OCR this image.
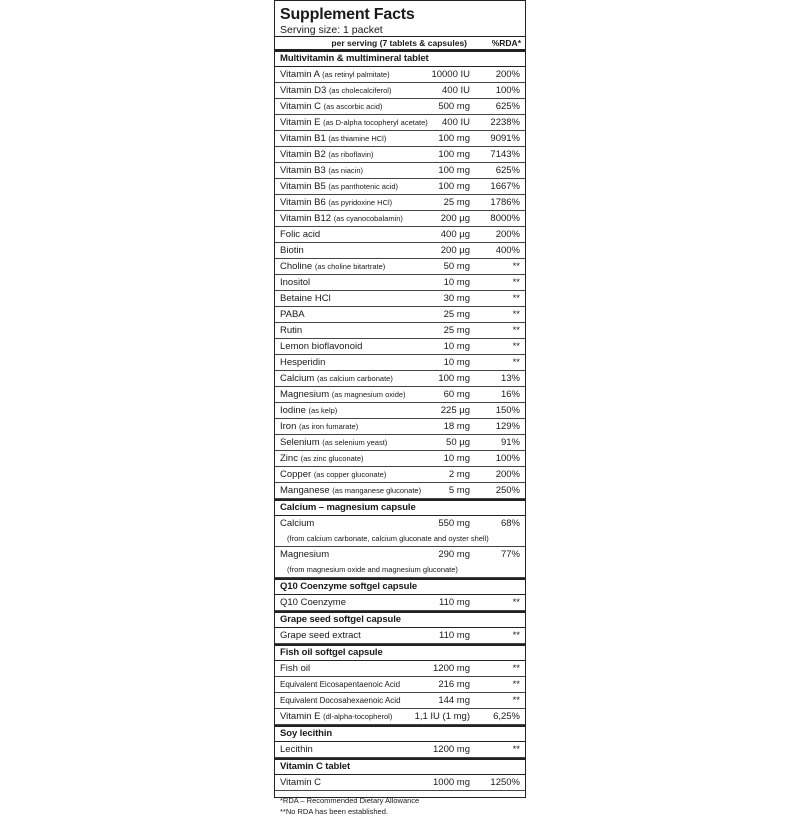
Supplement Facts
Serving size: 1 packet
per serving (7 tablets & capsules)	%RDA*
Multivitamin & multimineral tablet
Vitamin A (as retinyl palmitate)	10000 IU	200%
Vitamin D3 (as cholecalciferol)	400 IU	100%
Vitamin C (as ascorbic acid)	500 mg	625%
Vitamin E (as D-alpha tocopheryl acetate) 400 IU 2238%
Vitamin B1 (as thiamine HCl)	100 mg 9091%
Vitamin B2 (as riboflavin)	100 mg 7143%
Vitamin B3 (as niacin)	100 mg	625%
Vitamin B5 (as panthotenic acid)	100 mg 1667%
Vitamin B6 (as pyridoxine HCl)	25 mg 1786%
Vitamin B12 (as cyanocobalamin)	200 µg 8000%
Folic acid	400 µg	200%
Biotin	200 µg	400%
Choline (as choline bitartrate)	50 mg	**
Inositol	10 mg	**
Betaine HCl	30 mg	**
PABA	25 mg	**
Rutin	25 mg	**
Lemon bioflavonoid	10 mg	**
Hesperidin	10 mg	**
Calcium (as calcium carbonate)	100 mg	13%
Magnesium (as magnesium oxide)	60 mg	16%
Iodine (as kelp)	225 µg	150%
Iron (as iron fumarate)	18 mg	129%
Selenium (as selenium yeast)	50 µg	91%
Zinc (as zinc gluconate)	10 mg	100%
Copper (as copper gluconate)	2 mg	200%
Manganese (as manganese gluconate)	5 mg	250%
Calcium – magnesium capsule
Calcium	550 mg	68%
(from calcium carbonate, calcium gluconate and oyster shell)
Magnesium	290 mg	77%
(from magnesium oxide and magnesium gluconate)
Q10 Coenzyme softgel capsule
Q10 Coenzyme	110 mg	**
Grape seed softgel capsule
Grape seed extract	110 mg	**
Fish oil softgel capsule
Fish oil	1200 mg	**
Equivalent Eicosapentaenoic Acid	216 mg	**
Equivalent Docosahexaenoic Acid	144 mg	**
Vitamin E (dl-alpha-tocopherol) 1,1 IU (1 mg) 6,25%
Soy lecithin
Lecithin	1200 mg	**
Vitamin C tablet
Vitamin C	1000 mg 1250%
*RDA – Recommended Dietary Allowance
**No RDA has been established.
